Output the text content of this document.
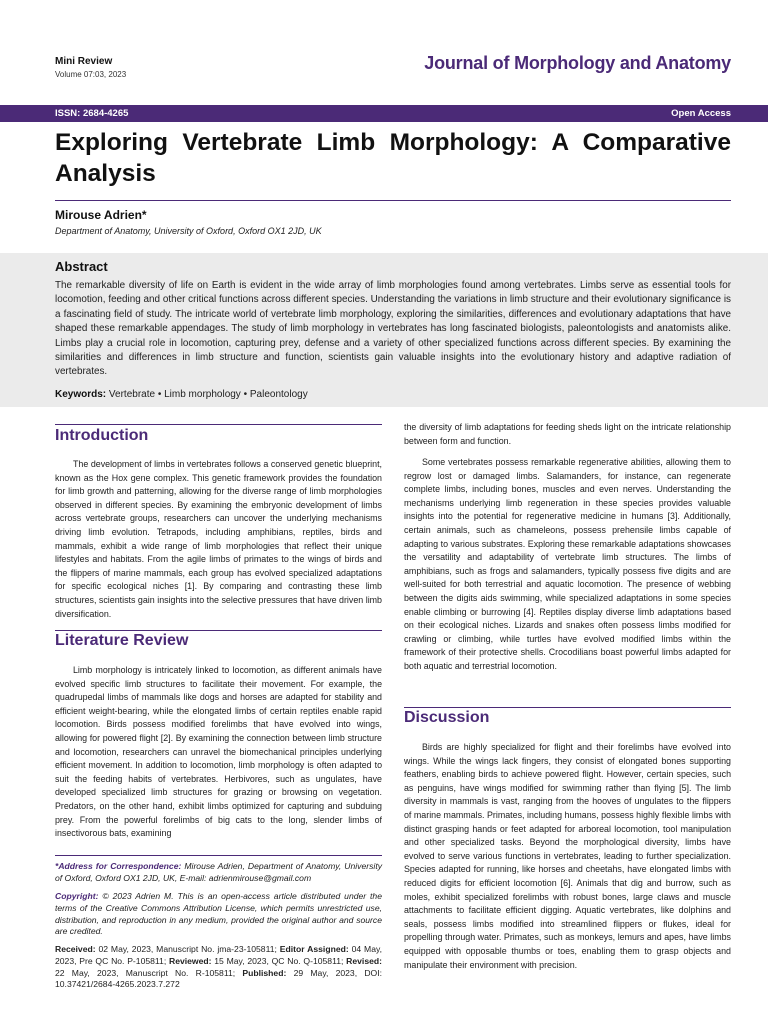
Mini Review
Volume 07:03, 2023
Journal of Morphology and Anatomy
ISSN: 2684-4265	Open Access
Exploring Vertebrate Limb Morphology: A Comparative Analysis
Mirouse Adrien*
Department of Anatomy, University of Oxford, Oxford OX1 2JD, UK
Abstract
The remarkable diversity of life on Earth is evident in the wide array of limb morphologies found among vertebrates. Limbs serve as essential tools for locomotion, feeding and other critical functions across different species. Understanding the variations in limb structure and their evolutionary significance is a fascinating field of study. The intricate world of vertebrate limb morphology, exploring the similarities, differences and evolutionary adaptations that have shaped these remarkable appendages. The study of limb morphology in vertebrates has long fascinated biologists, paleontologists and anatomists alike. Limbs play a crucial role in locomotion, capturing prey, defense and a variety of other specialized functions across different species. By examining the similarities and differences in limb structure and function, scientists gain valuable insights into the evolutionary history and adaptive radiation of vertebrates.
Keywords: Vertebrate • Limb morphology • Paleontology
Introduction
The development of limbs in vertebrates follows a conserved genetic blueprint, known as the Hox gene complex. This genetic framework provides the foundation for limb growth and patterning, allowing for the diverse range of limb morphologies observed in different species. By examining the embryonic development of limbs across vertebrate groups, researchers can uncover the underlying mechanisms driving limb evolution. Tetrapods, including amphibians, reptiles, birds and mammals, exhibit a wide range of limb morphologies that reflect their unique lifestyles and habitats. From the agile limbs of primates to the wings of birds and the flippers of marine mammals, each group has evolved specialized adaptations for specific ecological niches [1]. By comparing and contrasting these limb structures, scientists gain insights into the selective pressures that have driven limb diversification.
Literature Review
Limb morphology is intricately linked to locomotion, as different animals have evolved specific limb structures to facilitate their movement. For example, the quadrupedal limbs of mammals like dogs and horses are adapted for stability and efficient weight-bearing, while the elongated limbs of certain reptiles enable rapid locomotion. Birds possess modified forelimbs that have evolved into wings, allowing for powered flight [2]. By examining the connection between limb structure and locomotion, researchers can unravel the biomechanical principles underlying efficient movement. In addition to locomotion, limb morphology is often adapted to suit the feeding habits of vertebrates. Herbivores, such as ungulates, have developed specialized limb structures for grazing or browsing on vegetation. Predators, on the other hand, exhibit limbs optimized for capturing and subduing prey. From the powerful forelimbs of big cats to the long, slender limbs of insectivorous bats, examining
*Address for Correspondence: Mirouse Adrien, Department of Anatomy, University of Oxford, Oxford OX1 2JD, UK, E-mail: adrienmirouse@gmail.com
Copyright: © 2023 Adrien M. This is an open-access article distributed under the terms of the Creative Commons Attribution License, which permits unrestricted use, distribution, and reproduction in any medium, provided the original author and source are credited.
Received: 02 May, 2023, Manuscript No. jma-23-105811; Editor Assigned: 04 May, 2023, Pre QC No. P-105811; Reviewed: 15 May, 2023, QC No. Q-105811; Revised: 22 May, 2023, Manuscript No. R-105811; Published: 29 May, 2023, DOI: 10.37421/2684-4265.2023.7.272
the diversity of limb adaptations for feeding sheds light on the intricate relationship between form and function.
Some vertebrates possess remarkable regenerative abilities, allowing them to regrow lost or damaged limbs. Salamanders, for instance, can regenerate complete limbs, including bones, muscles and even nerves. Understanding the mechanisms underlying limb regeneration in these species provides valuable insights into the potential for regenerative medicine in humans [3]. Additionally, certain animals, such as chameleons, possess prehensile limbs capable of adapting to various substrates. Exploring these remarkable adaptations showcases the versatility and adaptability of vertebrate limb structures. The limbs of amphibians, such as frogs and salamanders, typically possess five digits and are well-suited for both terrestrial and aquatic locomotion. The presence of webbing between the digits aids swimming, while specialized adaptations in some species enable climbing or burrowing [4]. Reptiles display diverse limb adaptations based on their ecological niches. Lizards and snakes often possess limbs modified for crawling or climbing, while turtles have evolved modified limbs within the framework of their protective shells. Crocodilians boast powerful limbs adapted for both aquatic and terrestrial locomotion.
Discussion
Birds are highly specialized for flight and their forelimbs have evolved into wings. While the wings lack fingers, they consist of elongated bones supporting feathers, enabling birds to achieve powered flight. However, certain species, such as penguins, have wings modified for swimming rather than flying [5]. The limb diversity in mammals is vast, ranging from the hooves of ungulates to the flippers of marine mammals. Primates, including humans, possess highly flexible limbs with distinct grasping hands or feet adapted for arboreal locomotion, tool manipulation and other specialized tasks. Beyond the morphological diversity, limbs have evolved to serve various functions in vertebrates, leading to further specialization. Species adapted for running, like horses and cheetahs, have elongated limbs with reduced digits for efficient locomotion [6]. Animals that dig and burrow, such as moles, exhibit specialized forelimbs with robust bones, large claws and muscle attachments to facilitate efficient digging. Aquatic vertebrates, like dolphins and seals, possess limbs modified into streamlined flippers or flukes, ideal for propelling through water. Primates, such as monkeys, lemurs and apes, have limbs equipped with opposable thumbs or toes, enabling them to grasp objects and manipulate their environment with precision.
